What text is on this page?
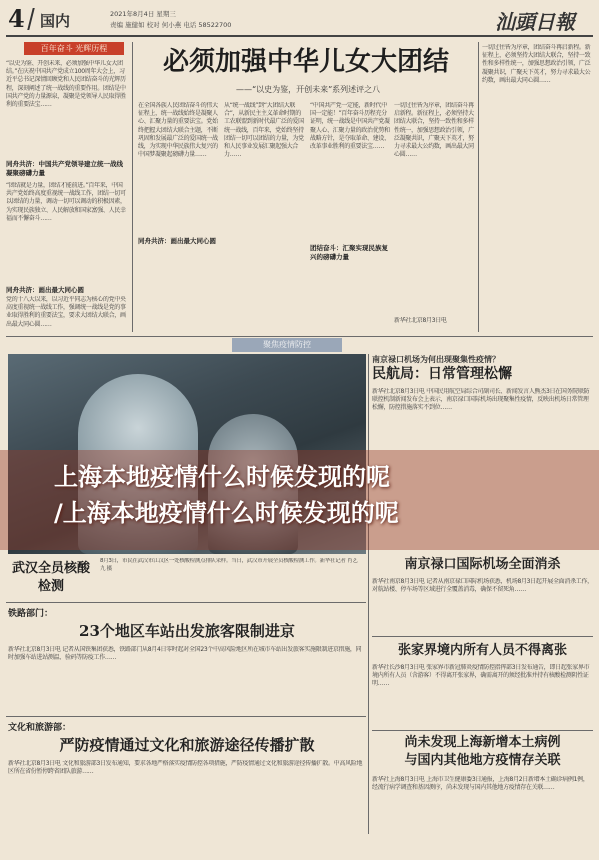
4 国内	2021年8月4日 星期三
责编 施健如 校对 何小燕 电话 58522700	汕頭日報
百年奋斗 光辉历程
“以史为鉴、开创未来，必须加强中华儿女大团结。”在庆祝中国共产党成立100周年大会上，习近平总书记深情回顾党和人民团结奋斗的光辉历程，深刻阐述了统一战线的重要作用。团结是中国共产党的力量源泉，凝聚是党领导人民取得胜利的重要法宝……
同舟共济：中国共产党领导建立统一战线凝聚磅礴力量
“团结就是力量，团结才能前进。”百年来，中国共产党始终高度重视统一战线工作，团结一切可以团结的力量，调动一切可以调动的积极因素，为实现民族独立、人民解放和国家富强、人民幸福而不懈奋斗……
同舟共济：画出最大同心圆
党的十八大以来，以习近平同志为核心的党中央高度重视统一战线工作，强调统一战线是党的事业取得胜利的重要法宝，要求大团结大联合，画出最大同心圆……
必须加强中华儿女大团结
——“以史为鉴，开创未来”系列述评之八
在全国各族人民团结奋斗的伟大征程上，统一战线始终是凝聚人心、汇聚力量的重要法宝。党始终把握大团结大联合主题，不断巩固和发展最广泛的爱国统一战线，为实现中华民族伟大复兴的中国梦凝聚起磅礴力量……
同舟共济：画出最大同心圆
从“统一战线”到“大团结大联合”，从新民主主义革命时期的工农联盟到新时代最广泛的爱国统一战线，百年来，党始终坚持团结一切可以团结的力量，为党和人民事业发展汇聚起强大合力……
“中国共产党一定能，新时代中国一定能！”百年奋斗历程充分证明，统一战线是中国共产党凝聚人心、汇聚力量的政治优势和战略方针，是夺取革命、建设、改革事业胜利的重要法宝……
团结奋斗：汇聚实现民族复兴的磅礴力量
一切过往皆为序章，团结奋斗再启新程。新征程上，必须坚持大团结大联合，坚持一致性和多样性统一，加强思想政治引领，广泛凝聚共识，广聚天下英才，努力寻求最大公约数，画出最大同心圆……
新华社北京8月3日电
一切过往皆为序章，团结奋斗再启新程。新征程上，必须坚持大团结大联合，坚持一致性和多样性统一，加强思想政治引领，广泛凝聚共识，广聚天下英才，努力寻求最大公约数，画出最大同心圆……
聚焦疫情防控
8月3日，市民在武汉市江汉区一处核酸检测点排队采样。当日，武汉市开展全员核酸检测工作。新华社记者 肖艺九 摄
武汉全员核酸检测
南京禄口机场为何出现聚集性疫情？
民航局：日常管理松懈
新华社北京8月3日电 中国民用航空局综合司副司长、新闻发言人熊杰3日在国务院联防联控机制新闻发布会上表示，南京禄口国际机场出现聚集性疫情，反映出机场日常管理松懈，防控措施落实不到位……
上海本地疫情什么时候发现的呢
/上海本地疫情什么时候发现的呢
南京禄口国际机场全面消杀
新华社南京8月3日电 记者从南京禄口国际机场获悉，机场8月3日起开展全面消杀工作，对航站楼、停车场等区域进行全覆盖消毒，确保不留死角……
张家界境内所有人员不得离张
新华社长沙8月3日电 张家界市新冠肺炎疫情防控指挥部3日发布通告，即日起张家界市境内所有人员（含游客）不得离开张家界，确需离开的须经批准并持有核酸检测阴性证明……
尚未发现上海新增本土病例
与国内其他地方疫情存关联
新华社上海8月3日电 上海市卫生健康委3日通报，上海8月2日新增本土确诊病例1例，经流行病学调查和基因测序，尚未发现与国内其他地方疫情存在关联……
铁路部门：
23个地区车站出发旅客限制进京
新华社北京8月3日电 记者从国铁集团获悉，铁路部门从8月4日零时起对全国23个中高风险地区所在城市车站出发旅客实施限制进京措施，同时加强车站进站测温、验码等防疫工作……
文化和旅游部：
严防疫情通过文化和旅游途径传播扩散
新华社北京8月3日电 文化和旅游部3日发布通知，要求各地严格落实疫情防控各项措施，严防疫情通过文化和旅游途径传播扩散。中高风险地区所在省份暂停跨省团队旅游……
